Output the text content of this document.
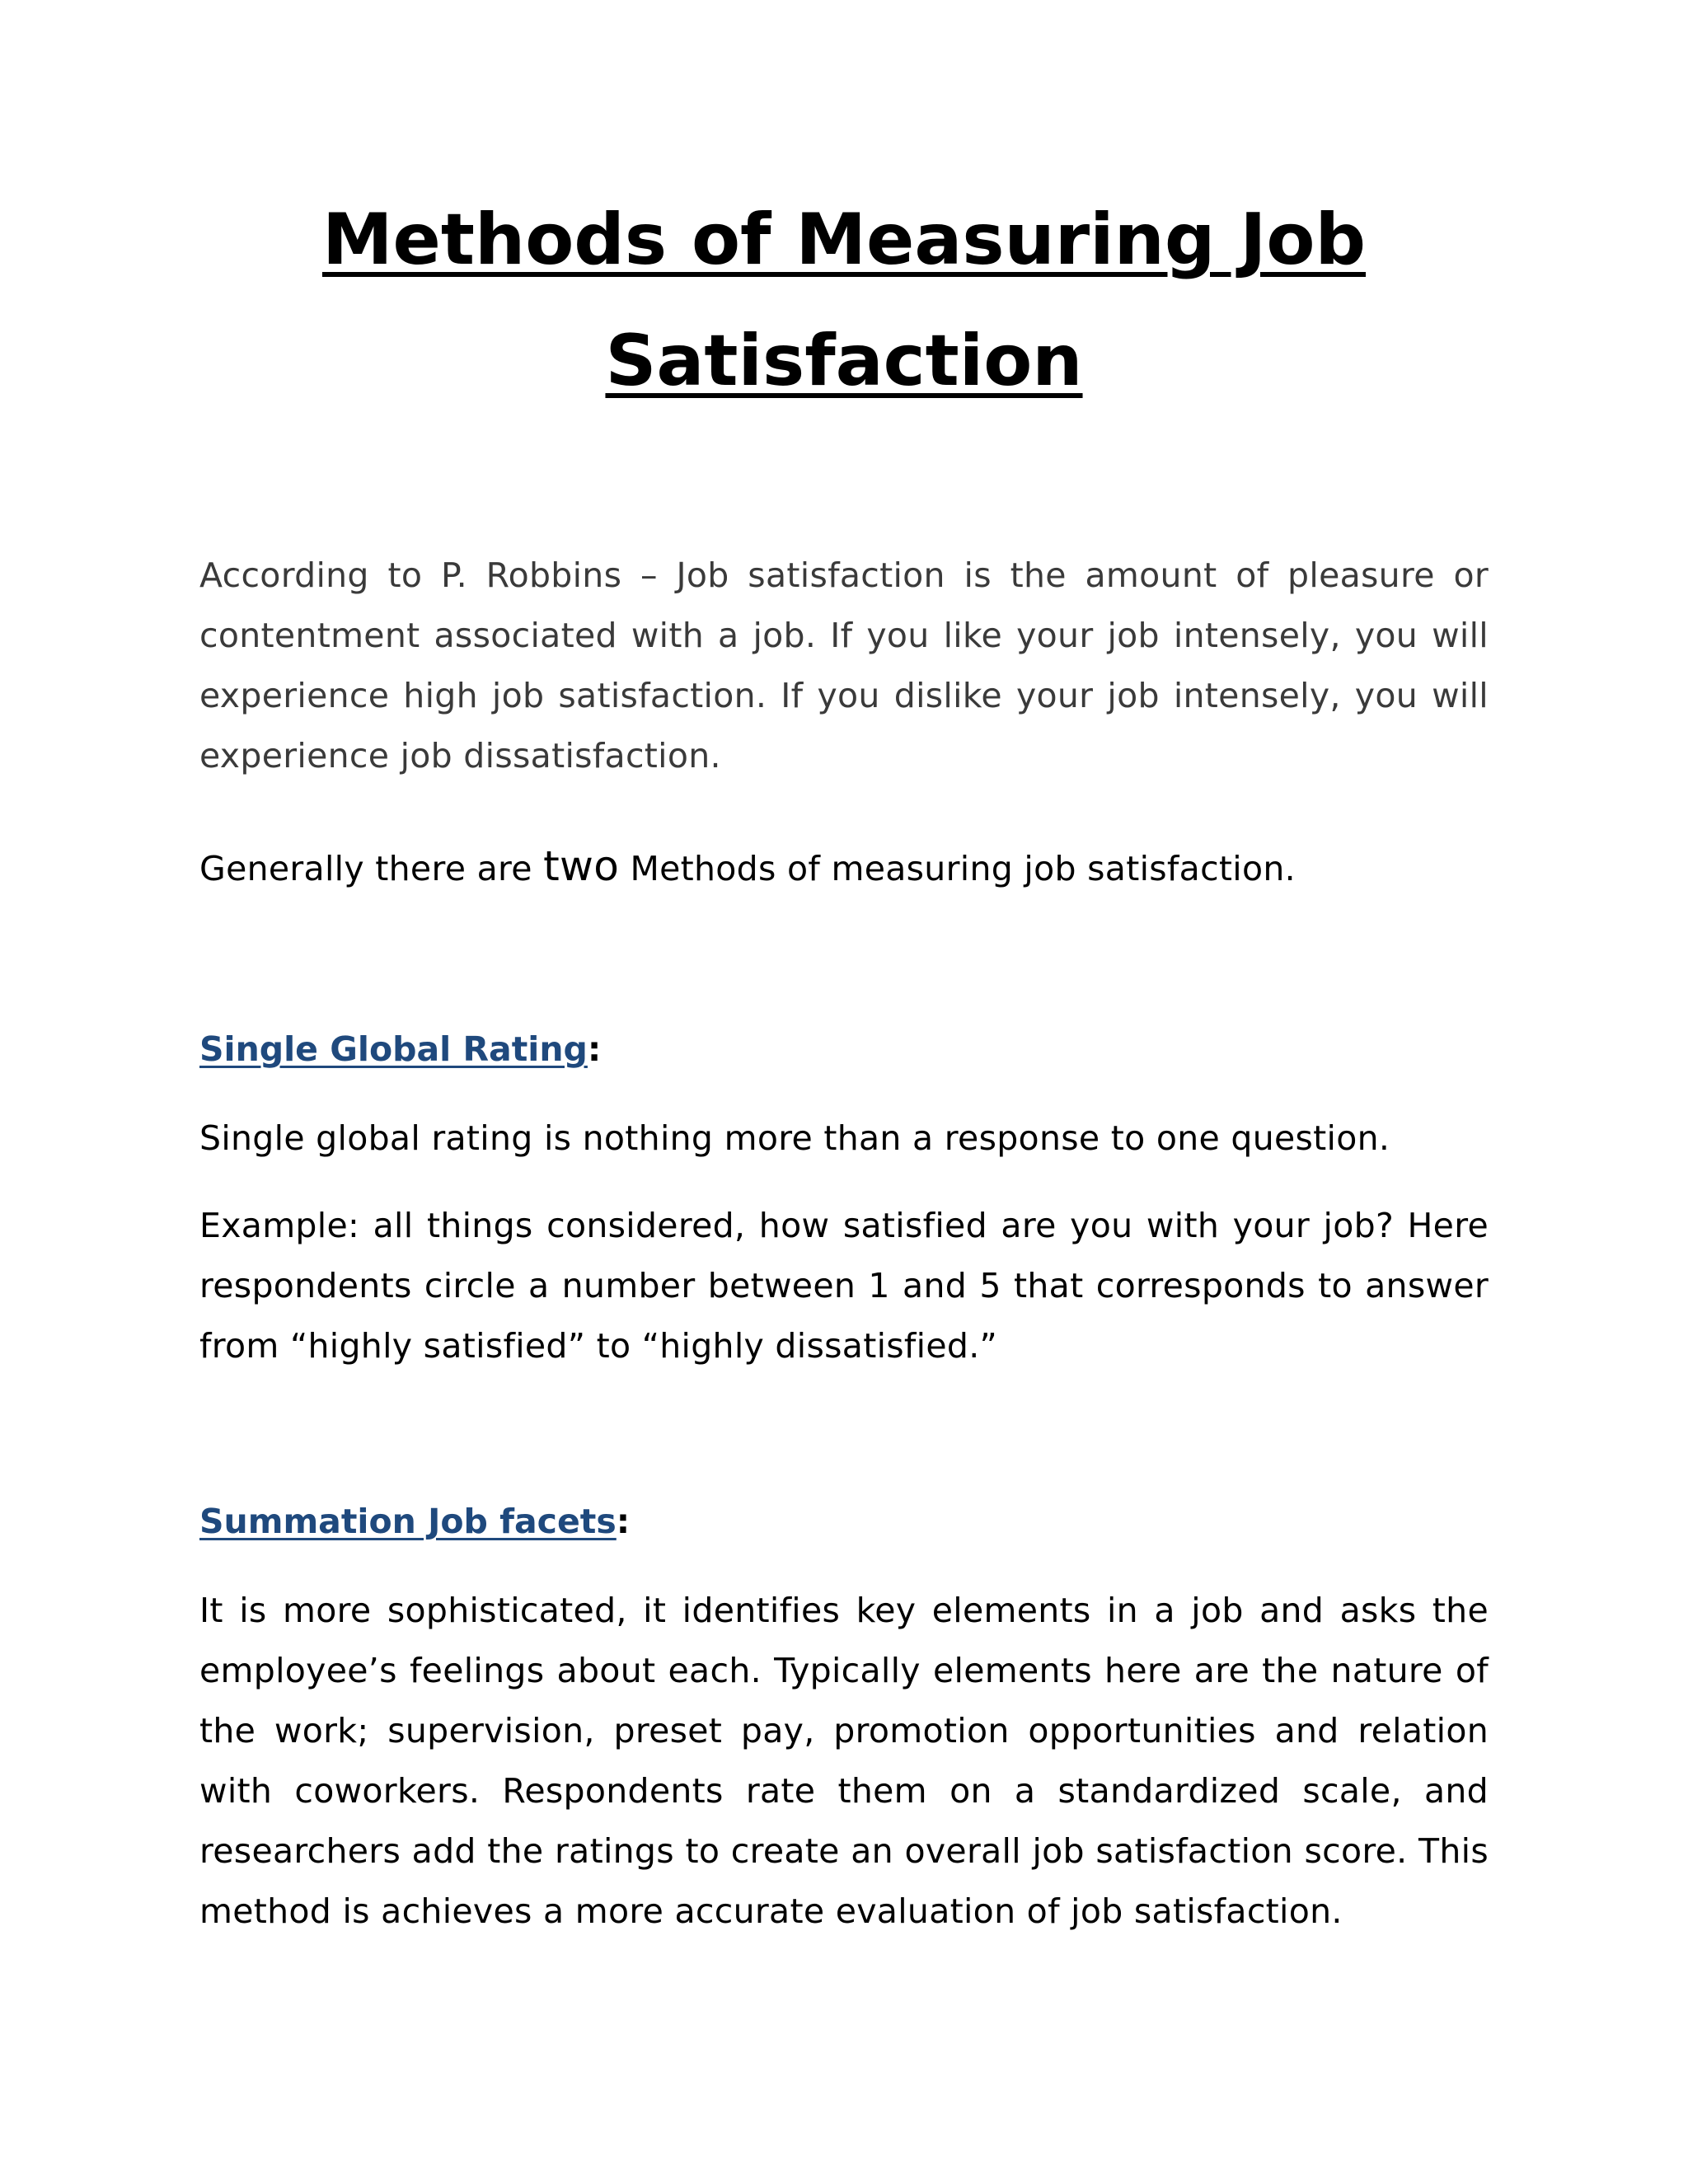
Methods of Measuring Job
Satisfaction

According to P. Robbins – Job satisfaction is the amount of pleasure or contentment associated with a job. If you like your job intensely, you will experience high job satisfaction. If you dislike your job intensely, you will experience job dissatisfaction.

Generally there are two Methods of measuring job satisfaction.

Single Global Rating:

Single global rating is nothing more than a response to one question.

Example: all things considered, how satisfied are you with your job? Here respondents circle a number between 1 and 5 that corresponds to answer from “highly satisfied” to “highly dissatisfied.”

Summation Job facets:

It is more sophisticated, it identifies key elements in a job and asks the employee’s feelings about each. Typically elements here are the nature of the work; supervision, preset pay, promotion opportunities and relation with coworkers. Respondents rate them on a standardized scale, and researchers add the ratings to create an overall job satisfaction score. This method is achieves a more accurate evaluation of job satisfaction.
